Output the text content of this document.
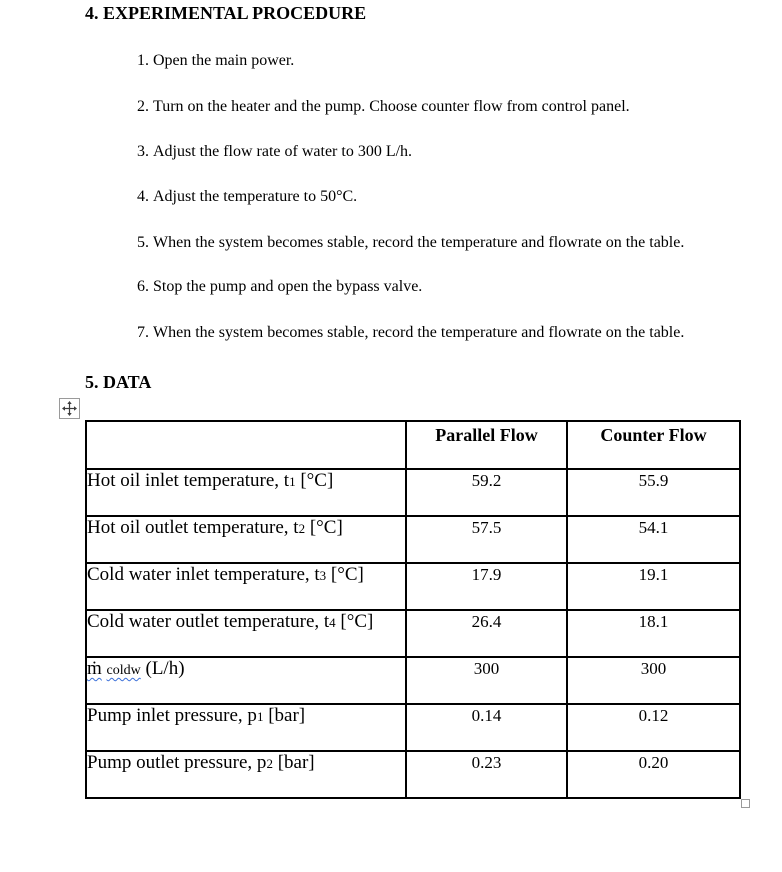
4. EXPERIMENTAL PROCEDURE
1. Open the main power.
2. Turn on the heater and the pump. Choose counter flow from control panel.
3. Adjust the flow rate of water to 300 L/h.
4. Adjust the temperature to 50°C.
5. When the system becomes stable, record the temperature and flowrate on the table.
6. Stop the pump and open the bypass valve.
7. When the system becomes stable, record the temperature and flowrate on the table.
5. DATA
	Parallel Flow	Counter Flow
Hot oil inlet temperature, t1 [°C]	59.2	55.9
Hot oil outlet temperature, t2 [°C]	57.5	54.1
Cold water inlet temperature, t3 [°C]	17.9	19.1
Cold water outlet temperature, t4 [°C]	26.4	18.1
ṁ coldw (L/h)	300	300
Pump inlet pressure, p1 [bar]	0.14	0.12
Pump outlet pressure, p2 [bar]	0.23	0.20
